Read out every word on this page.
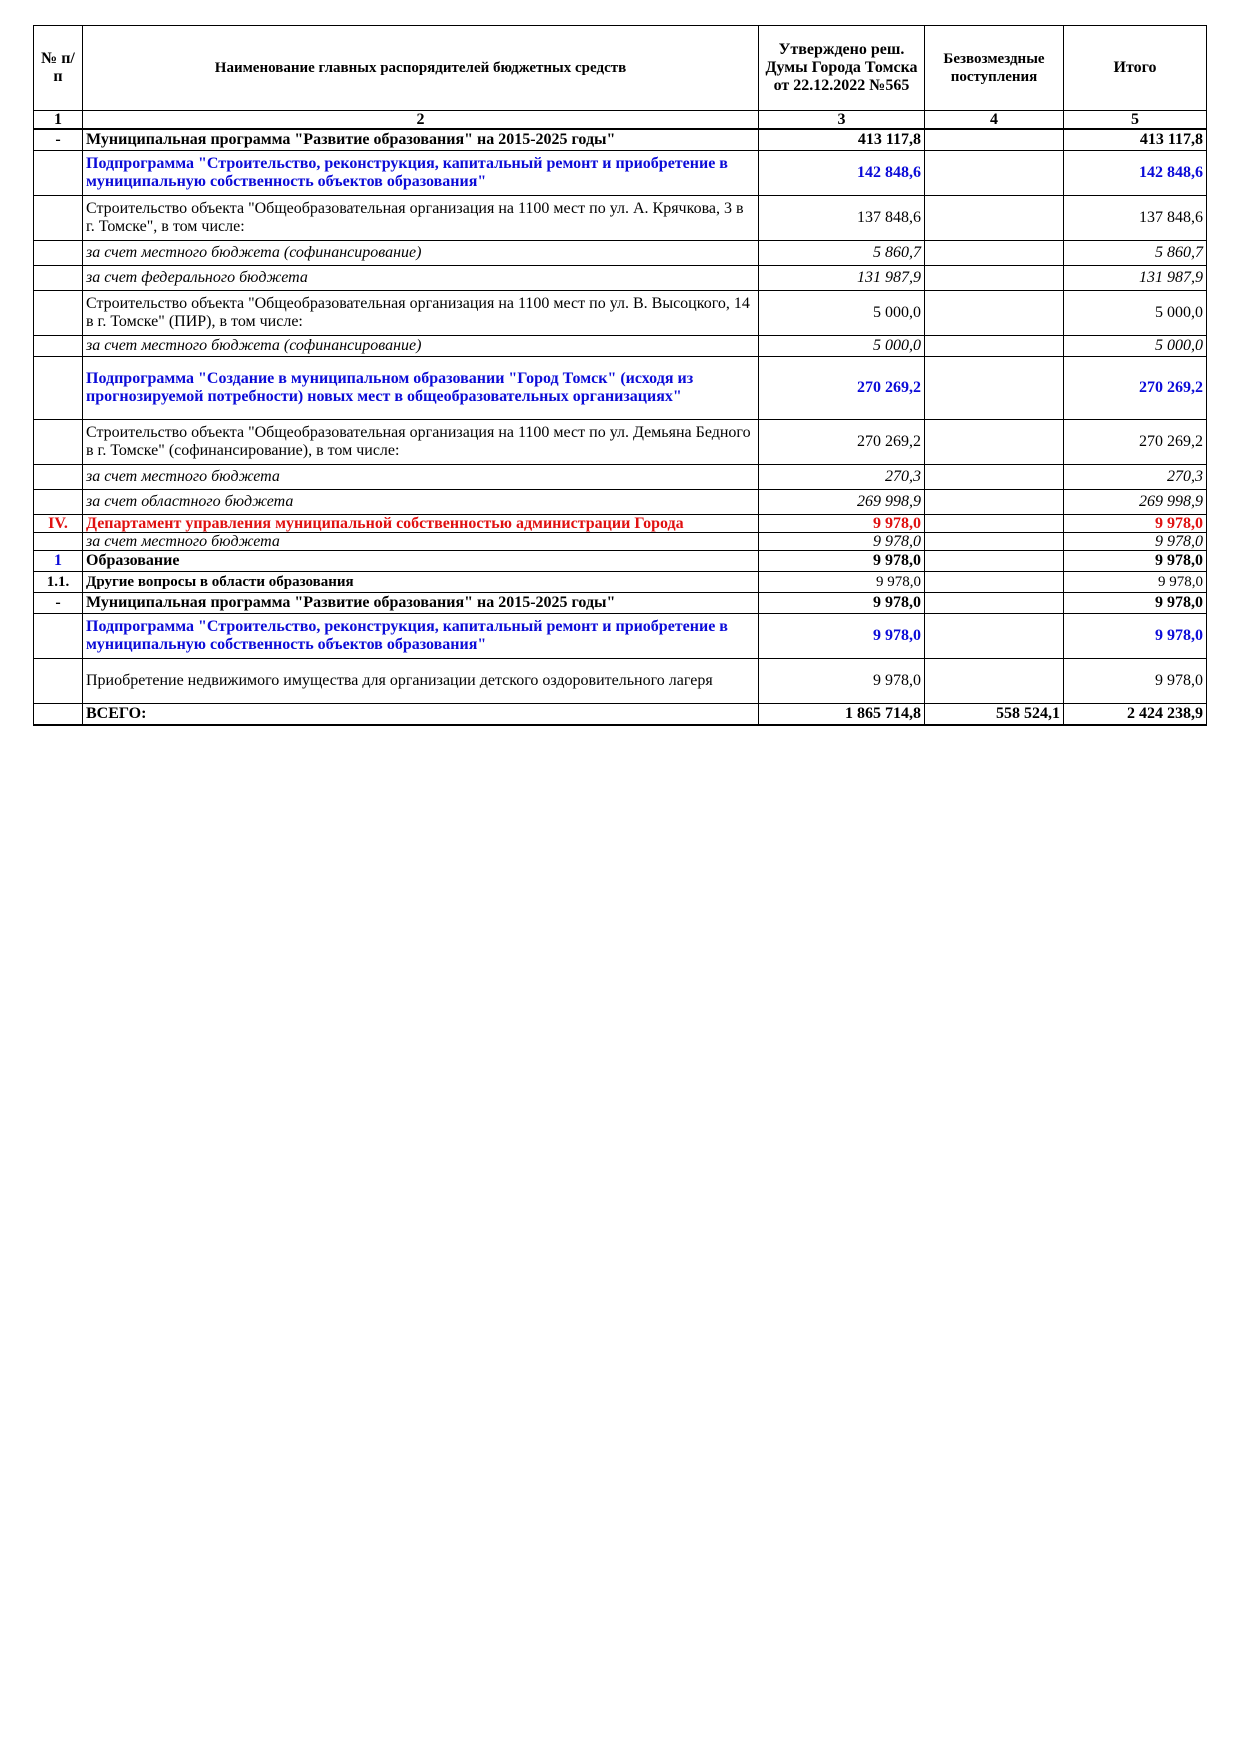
№ п/п	Наименование главных распорядителей бюджетных средств	Утверждено реш. Думы Города Томска от 22.12.2022 №565	Безвозмездные поступления	Итого
1	2	3	4	5
-	Муниципальная программа "Развитие образования" на 2015-2025 годы"	413 117,8		413 117,8
	Подпрограмма "Строительство, реконструкция, капитальный ремонт и приобретение в муниципальную собственность объектов образования"	142 848,6		142 848,6
	Строительство объекта "Общеобразовательная организация на 1100 мест по ул. А. Крячкова, 3 в г. Томске", в том числе:	137 848,6		137 848,6
	за счет местного бюджета (софинансирование)	5 860,7		5 860,7
	за счет федерального бюджета	131 987,9		131 987,9
	Строительство объекта "Общеобразовательная организация на 1100 мест по ул. В. Высоцкого, 14 в г. Томске" (ПИР), в том числе:	5 000,0		5 000,0
	за счет местного бюджета (софинансирование)	5 000,0		5 000,0
	Подпрограмма "Создание в муниципальном образовании "Город Томск" (исходя из прогнозируемой потребности) новых мест в общеобразовательных организациях"	270 269,2		270 269,2
	Строительство объекта "Общеобразовательная организация на 1100 мест по ул. Демьяна Бедного в г. Томске" (софинансирование), в том числе:	270 269,2		270 269,2
	за счет местного бюджета	270,3		270,3
	за счет областного бюджета	269 998,9		269 998,9
IV.	Департамент управления муниципальной собственностью администрации Города	9 978,0		9 978,0
	за счет местного бюджета	9 978,0		9 978,0
1	Образование	9 978,0		9 978,0
1.1.	Другие вопросы в области образования	9 978,0		9 978,0
-	Муниципальная программа "Развитие образования" на 2015-2025 годы"	9 978,0		9 978,0
	Подпрограмма "Строительство, реконструкция, капитальный ремонт и приобретение в муниципальную собственность объектов образования"	9 978,0		9 978,0
	Приобретение недвижимого имущества для организации детского оздоровительного лагеря	9 978,0		9 978,0
	ВСЕГО:	1 865 714,8	558 524,1	2 424 238,9
